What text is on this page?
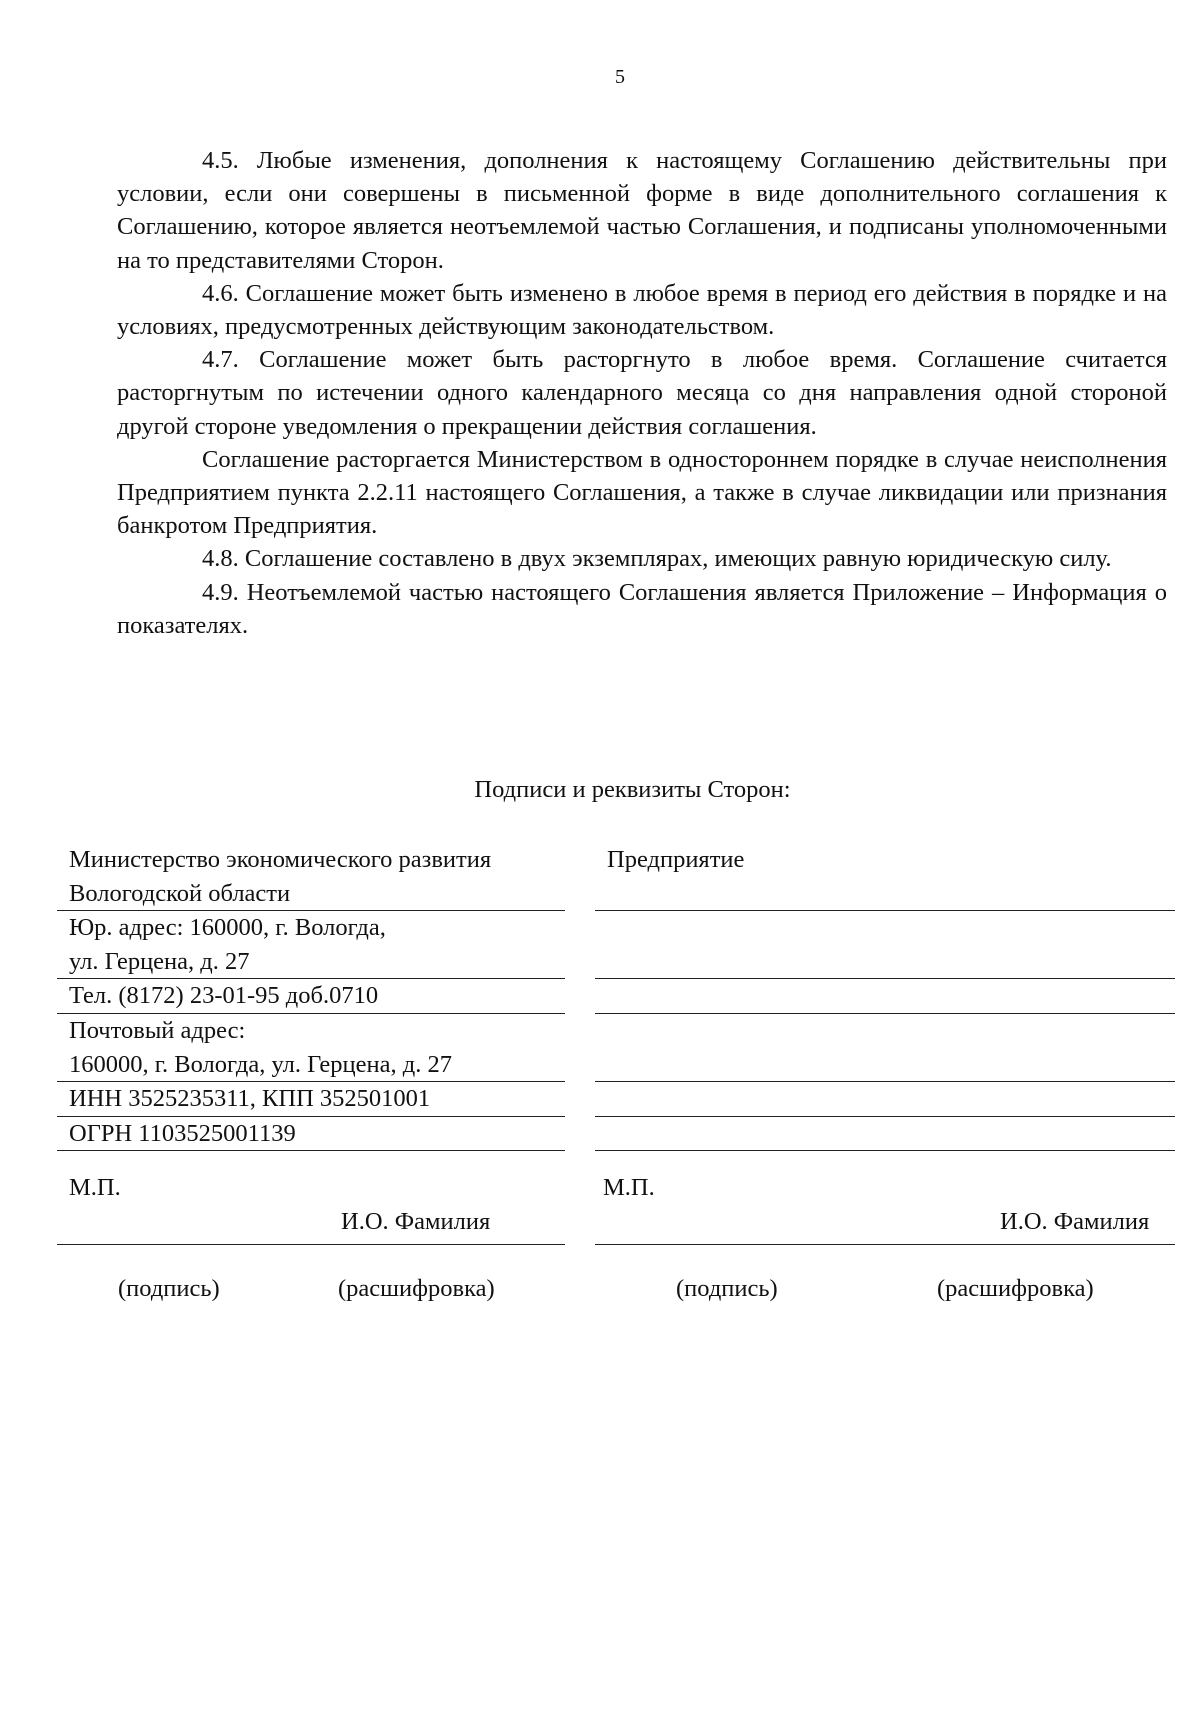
5

4.5. Любые изменения, дополнения к настоящему Соглашению действительны при условии, если они совершены в письменной форме в виде дополнительного соглашения к Соглашению, которое является неотъемлемой частью Соглашения, и подписаны уполномоченными на то представителями Сторон.

4.6. Соглашение может быть изменено в любое время в период его действия в порядке и на условиях, предусмотренных действующим законодательством.

4.7. Соглашение может быть расторгнуто в любое время. Соглашение считается расторгнутым по истечении одного календарного месяца со дня направления одной стороной другой стороне уведомления о прекращении действия соглашения.

Соглашение расторгается Министерством в одностороннем порядке в случае неисполнения Предприятием пункта 2.2.11 настоящего Соглашения, а также в случае ликвидации или признания банкротом Предприятия.

4.8. Соглашение составлено в двух экземплярах, имеющих равную юридическую силу.

4.9. Неотъемлемой частью настоящего Соглашения является Приложение – Информация о показателях.

Подписи и реквизиты Сторон:
Министерство экономического развития
Вологодской области
Юр. адрес: 160000, г. Вологда,
ул. Герцена, д. 27
Тел. (8172) 23-01-95 доб.0710
Почтовый адрес:
160000, г. Вологда, ул. Герцена, д. 27
ИНН 3525235311, КПП 352501001
ОГРН 1103525001139
Предприятие
М.П.	М.П.
И.О. Фамилия	И.О. Фамилия
(подпись)	(расшифровка)	(подпись)	(расшифровка)
